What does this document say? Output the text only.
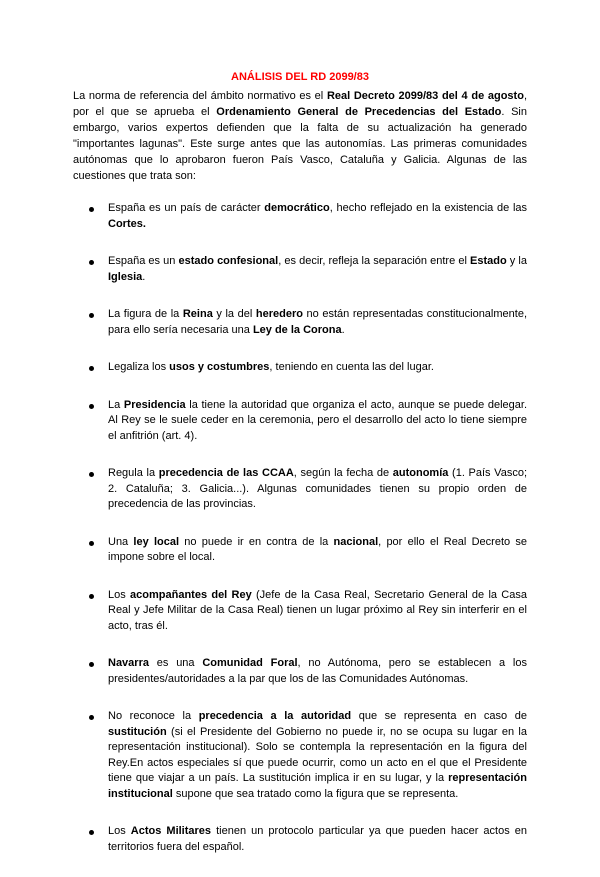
ANÁLISIS DEL RD 2099/83

La norma de referencia del ámbito normativo es el Real Decreto 2099/83 del 4 de agosto, por el que se aprueba el Ordenamiento General de Precedencias del Estado. Sin embargo, varios expertos defienden que la falta de su actualización ha generado "importantes lagunas". Este surge antes que las autonomías. Las primeras comunidades autónomas que lo aprobaron fueron País Vasco, Cataluña y Galicia. Algunas de las cuestiones que trata son:

España es un país de carácter democrático, hecho reflejado en la existencia de las Cortes.
España es un estado confesional, es decir, refleja la separación entre el Estado y la Iglesia.
La figura de la Reina y la del heredero no están representadas constitucionalmente, para ello sería necesaria una Ley de la Corona.
Legaliza los usos y costumbres, teniendo en cuenta las del lugar.
La Presidencia la tiene la autoridad que organiza el acto, aunque se puede delegar. Al Rey se le suele ceder en la ceremonia, pero el desarrollo del acto lo tiene siempre el anfitrión (art. 4).
Regula la precedencia de las CCAA, según la fecha de autonomía (1. País Vasco; 2. Cataluña; 3. Galicia...). Algunas comunidades tienen su propio orden de precedencia de las provincias.
Una ley local no puede ir en contra de la nacional, por ello el Real Decreto se impone sobre el local.
Los acompañantes del Rey (Jefe de la Casa Real, Secretario General de la Casa Real y Jefe Militar de la Casa Real) tienen un lugar próximo al Rey sin interferir en el acto, tras él.
Navarra es una Comunidad Foral, no Autónoma, pero se establecen a los presidentes/autoridades a la par que los de las Comunidades Autónomas.
No reconoce la precedencia a la autoridad que se representa en caso de sustitución (si el Presidente del Gobierno no puede ir, no se ocupa su lugar en la representación institucional). Solo se contempla la representación en la figura del Rey.En actos especiales sí que puede ocurrir, como un acto en el que el Presidente tiene que viajar a un país. La sustitución implica ir en su lugar, y la representación institucional supone que sea tratado como la figura que se representa.
Los Actos Militares tienen un protocolo particular ya que pueden hacer actos en territorios fuera del español.
